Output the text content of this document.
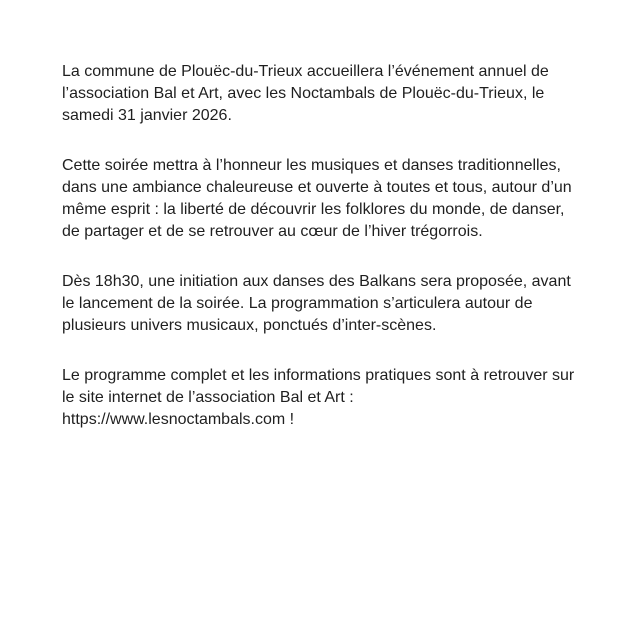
La commune de Plouëc-du-Trieux accueillera l’événement annuel de l’association Bal et Art, avec les Noctambals de Plouëc-du-Trieux, le samedi 31 janvier 2026.

Cette soirée mettra à l’honneur les musiques et danses traditionnelles, dans une ambiance chaleureuse et ouverte à toutes et tous, autour d’un même esprit : la liberté de découvrir les folklores du monde, de danser, de partager et de se retrouver au cœur de l’hiver trégorrois.

Dès 18h30, une initiation aux danses des Balkans sera proposée, avant le lancement de la soirée. La programmation s’articulera autour de plusieurs univers musicaux, ponctués d’inter-scènes.

Le programme complet et les informations pratiques sont à retrouver sur le site internet de l’association Bal et Art : https://www.lesnoctambals.com !
